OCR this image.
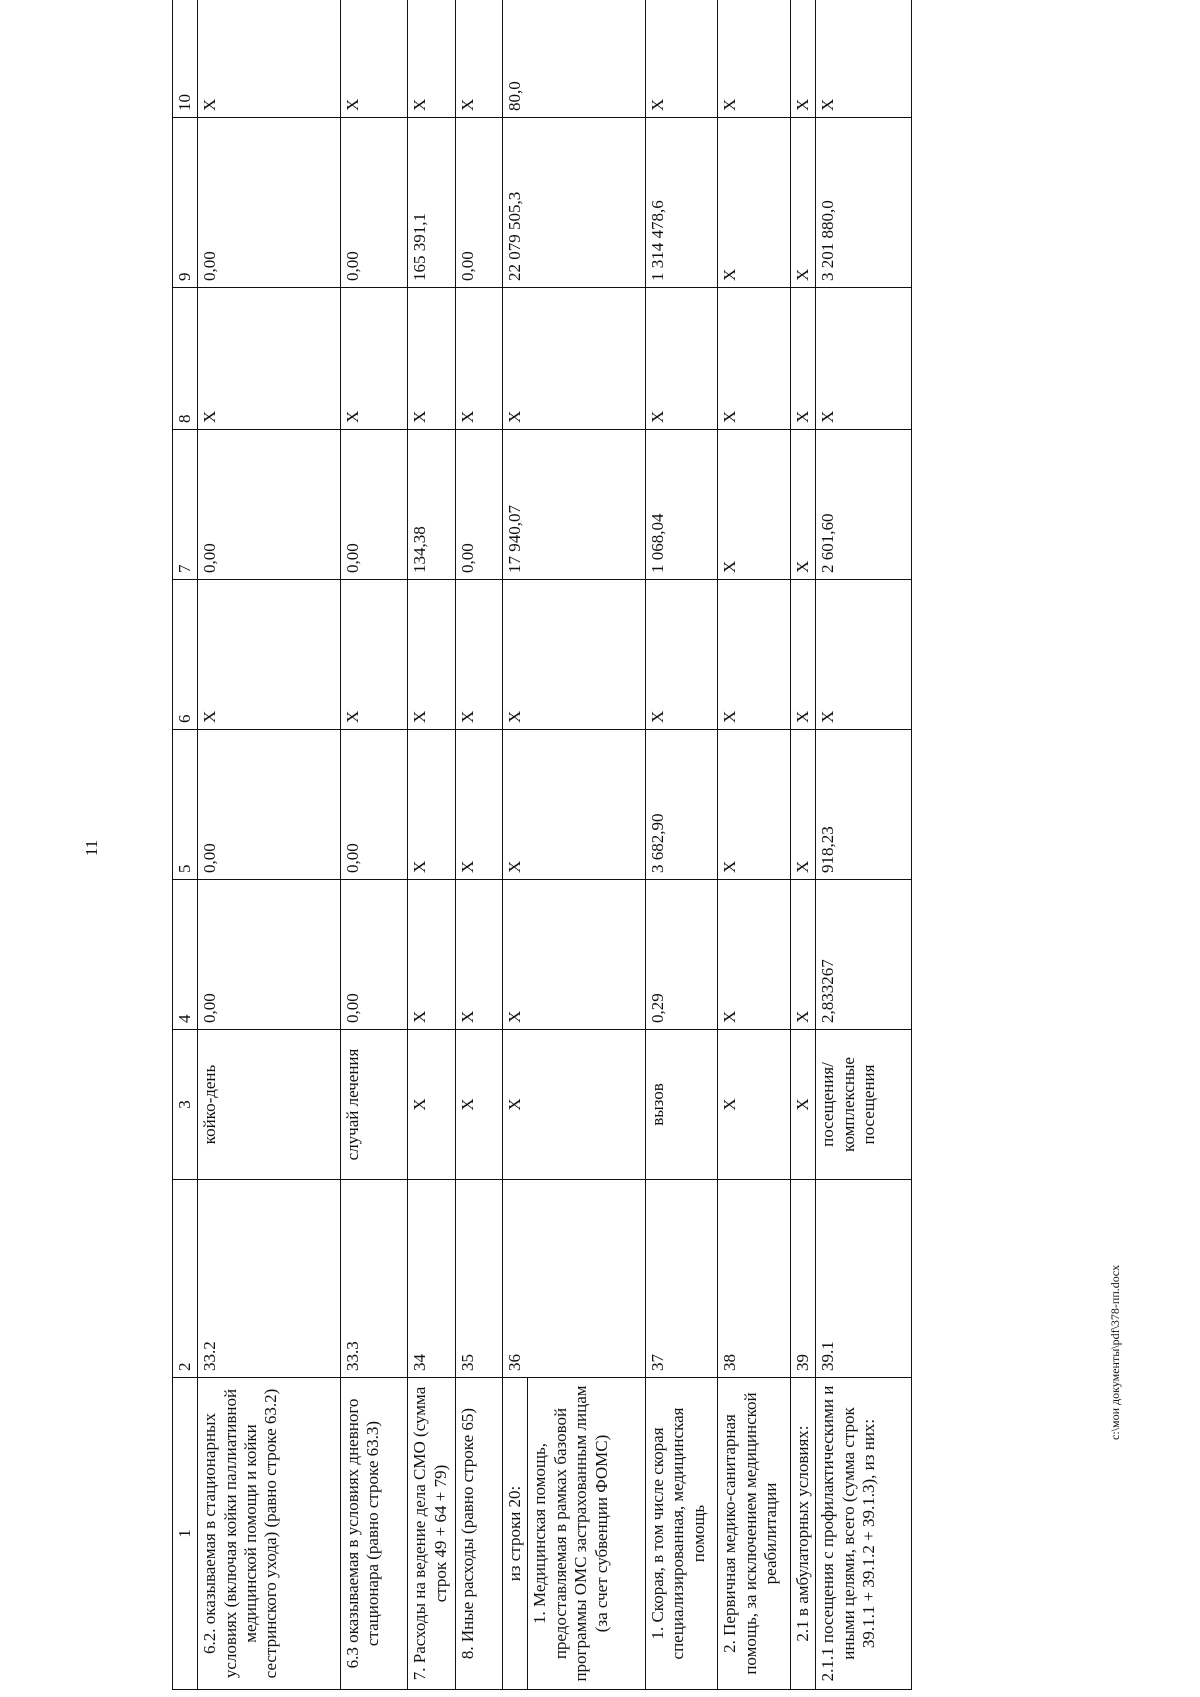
11
1	2	3	4	5	6	7	8	9	10
6.2. оказываемая в стационарных условиях (включая койки паллиативной медицинской помощи и койки сестринского ухода) (равно строке 63.2)	33.2	койко-день	0,00	0,00	X	0,00	X	0,00	X
6.3 оказываемая в условиях дневного стационара (равно строке 63.3)	33.3	случай лечения	0,00	0,00	X	0,00	X	0,00	X
7. Расходы на ведение дела СМО (сумма строк 49 + 64 + 79)	34	X	X	X	X	134,38	X	165 391,1	X
8. Иные расходы (равно строке 65)	35	X	X	X	X	0,00	X	0,00	X

из строки 20: 1. Медицинская помощь, предоставляемая в рамках базовой программы ОМС застрахованным лицам (за счет субвенции ФОМС)	36	X	X	X	X	17 940,07	X	22 079 505,3	80,0
1. Скорая, в том числе скорая специализированная, медицинская помощь	37	вызов	0,29	3 682,90	X	1 068,04	X	1 314 478,6	X
2. Первичная медико-санитарная помощь, за исключением медицинской реабилитации	38	X	X	X	X	X	X	X	X
2.1 в амбулаторных условиях:	39	X	X	X	X	X	X	X	X
2.1.1 посещения с профилактическими и иными целями, всего (сумма строк 39.1.1 + 39.1.2 + 39.1.3), из них:	39.1	посещения/ комплексные посещения	2,833267	918,23	X	2 601,60	X	3 201 880,0	X
с:\мои документы\pdf\378-пп.docx
